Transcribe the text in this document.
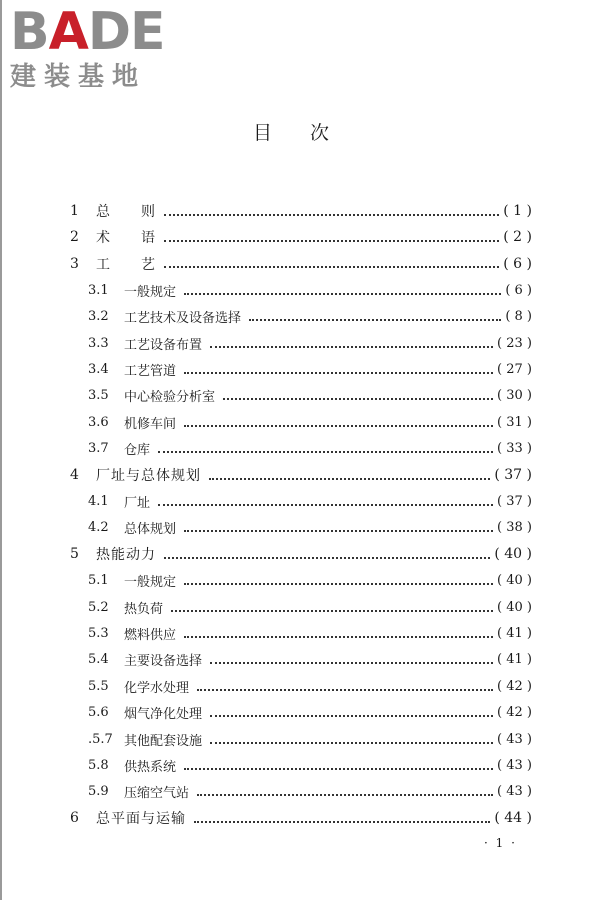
BADE
建装基地
目次
1	总　　则	( 1 )
2	术　　语	( 2 )
3	工　　艺	( 6 )
3.1	一般规定	( 6 )
3.2	工艺技术及设备选择	( 8 )
3.3	工艺设备布置	( 23 )
3.4	工艺管道	( 27 )
3.5	中心检验分析室	( 30 )
3.6	机修车间	( 31 )
3.7	仓库	( 33 )
4	厂址与总体规划	( 37 )
4.1	厂址	( 37 )
4.2	总体规划	( 38 )
5	热能动力	( 40 )
5.1	一般规定	( 40 )
5.2	热负荷	( 40 )
5.3	燃料供应	( 41 )
5.4	主要设备选择	( 41 )
5.5	化学水处理	( 42 )
5.6	烟气净化处理	( 42 )
.5.7 其他配套设施	( 43 )
5.8	供热系统	( 43 )
5.9	压缩空气站	( 43 )
6	总平面与运输	( 44 )
· 1 ·
